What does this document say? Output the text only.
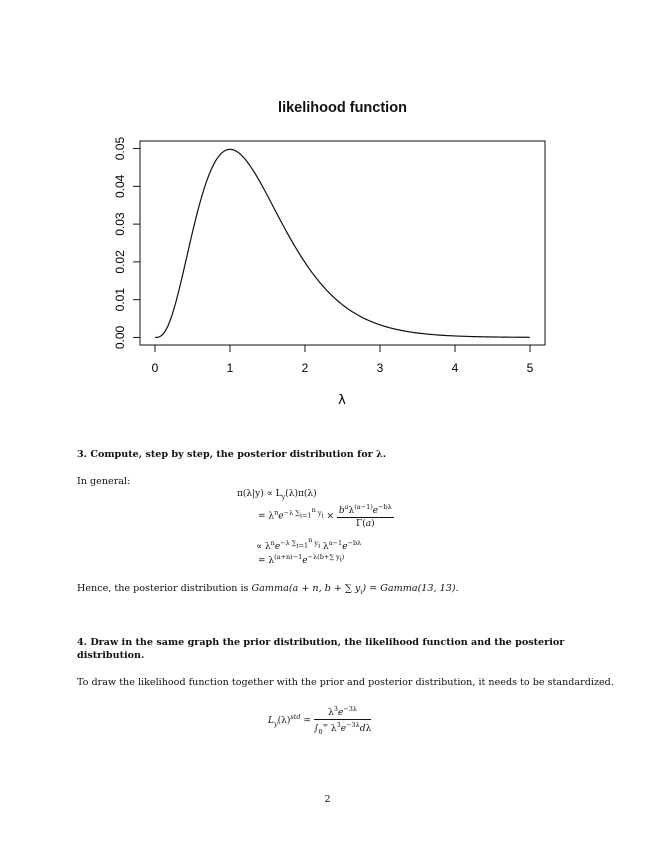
likelihood function
0	1	2	3	4	5
0.00
0.01
0.02
0.03
0.04
0.05
λ
3. Compute, step by step, the posterior distribution for λ.
In general:
$\pi(\lambda|y) \propto L_y(\lambda)\pi(\lambda)$
= $\lambda^ne^{-\lambda \sum_{i=1}^n y_i} \times \frac{b^a\lambda^{(a-1)}e^{-b\lambda}}{\Gamma(a)}$
∝ $\lambda^ne^{-\lambda \sum_{i=1}^n y_i}$ $\lambda^{a-1}e^{-b\lambda}$
= $\lambda^{(a+n)-1}e^{-\lambda(b+\sum y_i)}$
Hence, the posterior distribution is Gamma(a + n, b + ∑ $y_i$) = Gamma(13, 13).
4. Draw in the same graph the prior distribution, the likelihood function and the posterior
distribution.
To draw the likelihood function together with the prior and posterior distribution, it needs to be standardized.
$L_y(\lambda)^{std} = \frac{\lambda^3e^{-3\lambda}}{\int_0^\infty \lambda^3e^{-3\lambda}d\lambda}$
2
